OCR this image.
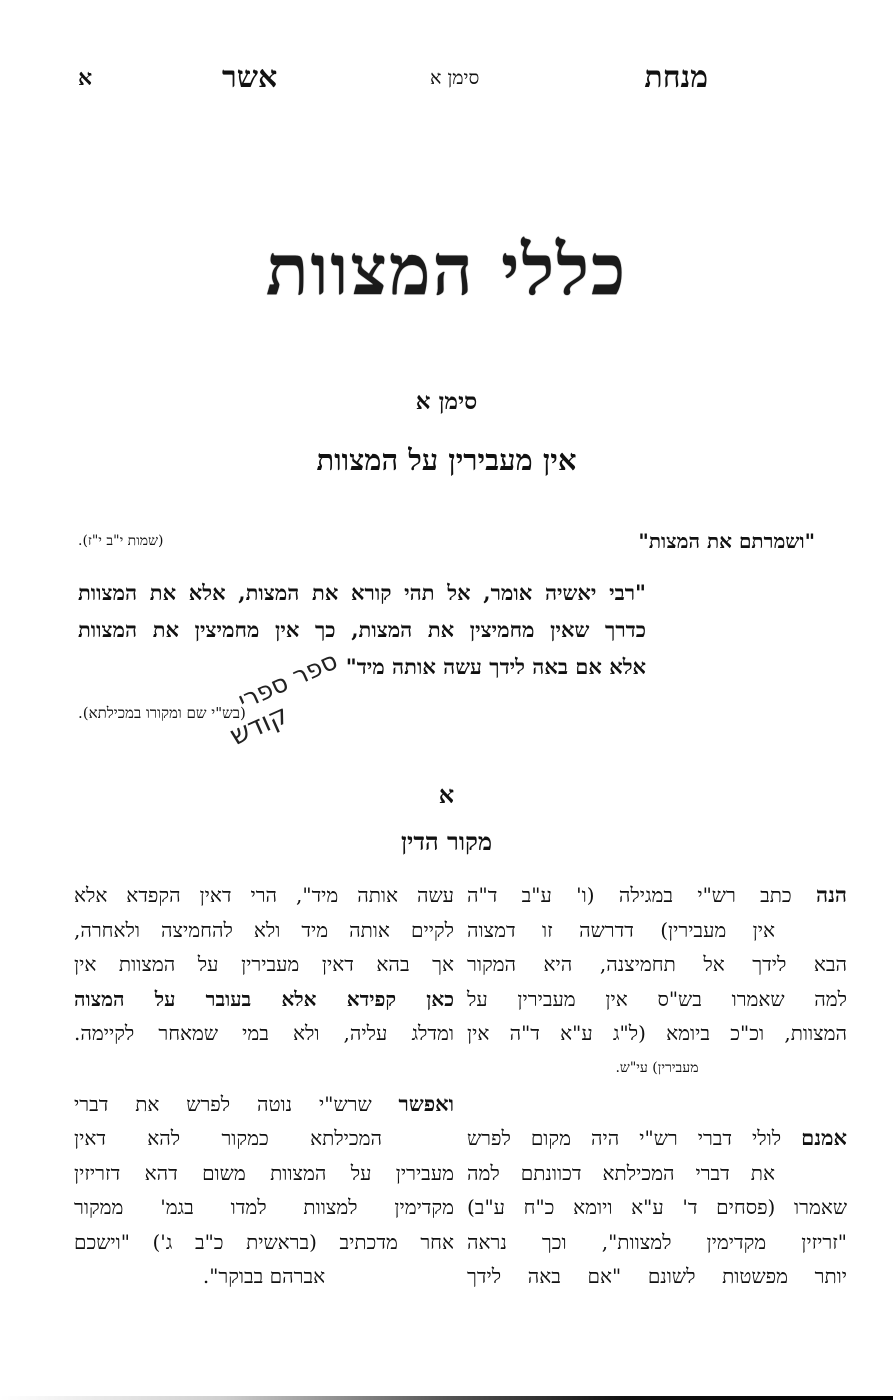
מנחת
סימן א
אשר
א
כללי המצוות
סימן א
אין מעבירין על המצוות
"ושמרתם את המצות"
(שמות י"ב י"ז).
"רבי יאשיה אומר, אל תהי קורא את המצות, אלא את המצוות
כדרך שאין מחמיצין את המצות, כך אין מחמיצין את המצוות
אלא אם באה לידך עשה אותה מיד"
(בש"י שם ומקורו במכילתא).
ספר ספרי
קודש
א
מקור הדין

הנה כתב רש"י במגילה (ו' ע"ב ד"ה
אין מעבירין) דדרשה זו דמצוה
הבא לידך אל תחמיצנה, היא המקור
למה שאמרו בש"ס אין מעבירין על
המצוות, וכ"כ ביומא (ל"ג ע"א ד"ה אין
מעבירין) עי"ש.

אמנם לולי דברי רש"י היה מקום לפרש
את דברי המכילתא דכוונתם למה
שאמרו (פסחים ד' ע"א ויומא כ"ח ע"ב)
"זריזין מקדימין למצוות", וכך נראה
יותר מפשטות לשונם "אם באה לידך

עשה אותה מיד", הרי דאין הקפדא אלא
לקיים אותה מיד ולא להחמיצה ולאחרה,
אך בהא דאין מעבירין על המצוות אין
כאן קפידא אלא בעובר על המצוה
ומדלג עליה, ולא במי שמאחר לקיימה.

ואפשר שרש"י נוטה לפרש את דברי
המכילתא כמקור להא דאין
מעבירין על המצוות משום דהא דזריזין
מקדימין למצוות למדו בגמ' ממקור
אחר מדכתיב (בראשית כ"ב ג') "וישכם
אברהם בבוקר".
